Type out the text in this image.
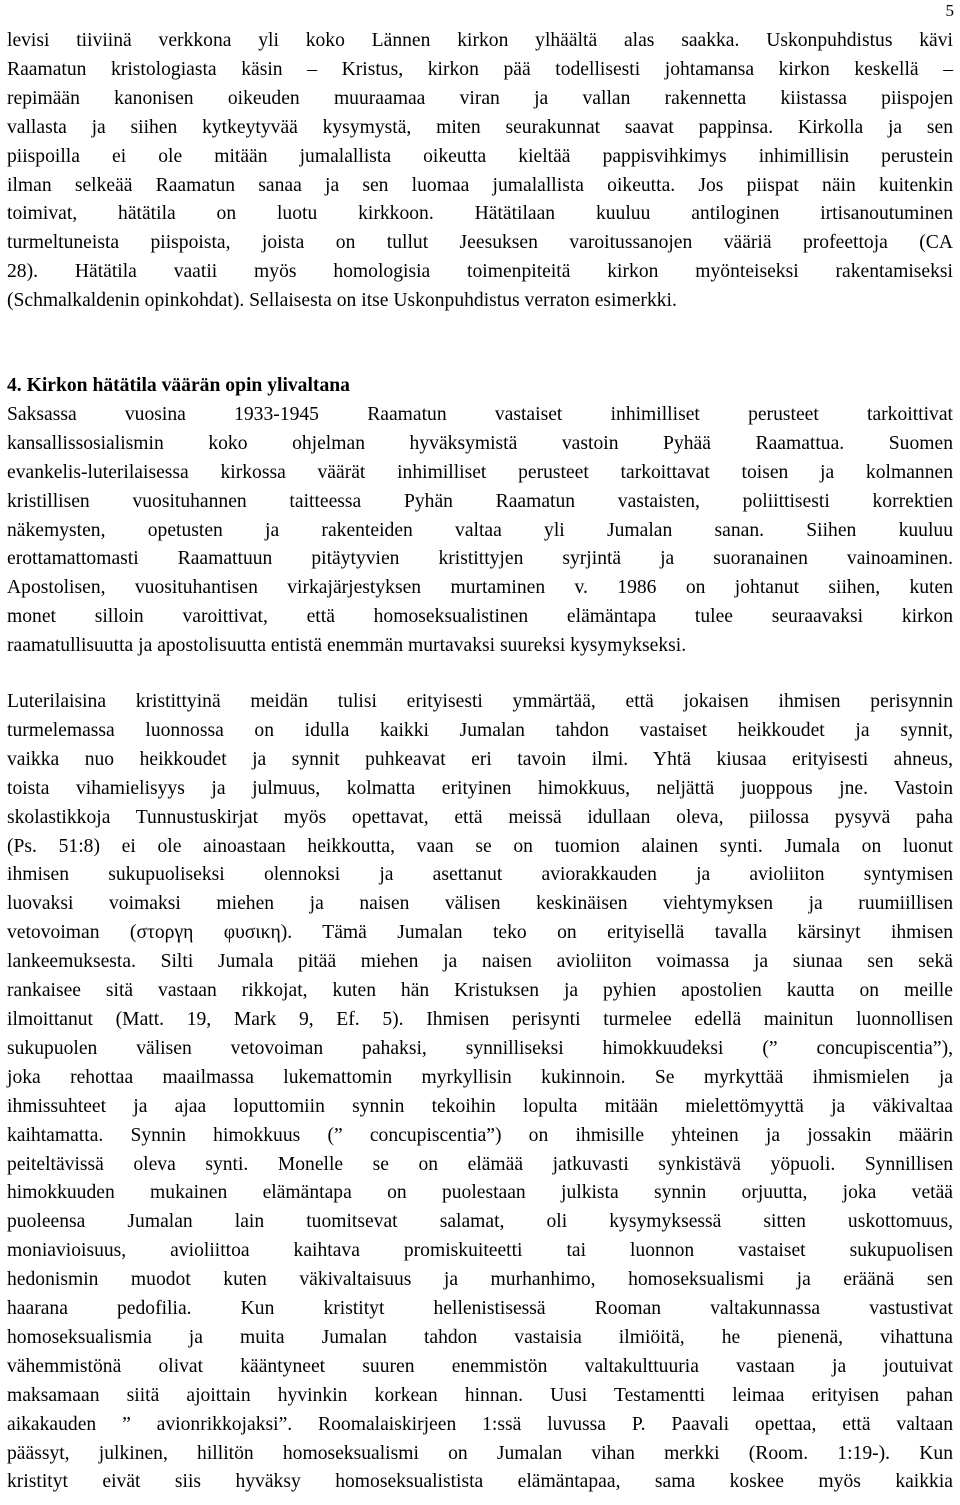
5
levisi tiiviinä verkkona yli koko Lännen kirkon ylhäältä alas saakka. Uskonpuhdistus kävi
Raamatun kristologiasta käsin – Kristus, kirkon pää todellisesti johtamansa kirkon keskellä –
repimään kanonisen oikeuden muuraamaa viran ja vallan rakennetta kiistassa piispojen
vallasta ja siihen kytkeytyvää kysymystä, miten seurakunnat saavat pappinsa. Kirkolla ja sen
piispoilla ei ole mitään jumalallista oikeutta kieltää pappisvihkimys inhimillisin perustein
ilman selkeää Raamatun sanaa ja sen luomaa jumalallista oikeutta. Jos piispat näin kuitenkin
toimivat, hätätila on luotu kirkkoon. Hätätilaan kuuluu antiloginen irtisanoutuminen
turmeltuneista piispoista, joista on tullut Jeesuksen varoitussanojen vääriä profeettoja (CA
28). Hätätila vaatii myös homologisia toimenpiteitä kirkon myönteiseksi rakentamiseksi
(Schmalkaldenin opinkohdat). Sellaisesta on itse Uskonpuhdistus verraton esimerkki.
4. Kirkon hätätila väärän opin ylivaltana
Saksassa vuosina 1933-1945 Raamatun vastaiset inhimilliset perusteet tarkoittivat
kansallissosialismin koko ohjelman hyväksymistä vastoin Pyhää Raamattua. Suomen
evankelis-luterilaisessa kirkossa väärät inhimilliset perusteet tarkoittavat toisen ja kolmannen
kristillisen vuosituhannen taitteessa Pyhän Raamatun vastaisten, poliittisesti korrektien
näkemysten, opetusten ja rakenteiden valtaa yli Jumalan sanan. Siihen kuuluu
erottamattomasti Raamattuun pitäytyvien kristittyjen syrjintä ja suoranainen vainoaminen.
Apostolisen, vuosituhantisen virkajärjestyksen murtaminen v. 1986 on johtanut siihen, kuten
monet silloin varoittivat, että homoseksualistinen elämäntapa tulee seuraavaksi kirkon
raamatullisuutta ja apostolisuutta entistä enemmän murtavaksi suureksi kysymykseksi.
Luterilaisina kristittyinä meidän tulisi erityisesti ymmärtää, että jokaisen ihmisen perisynnin
turmelemassa luonnossa on idulla kaikki Jumalan tahdon vastaiset heikkoudet ja synnit,
vaikka nuo heikkoudet ja synnit puhkeavat eri tavoin ilmi. Yhtä kiusaa erityisesti ahneus,
toista vihamielisyys ja julmuus, kolmatta erityinen himokkuus, neljättä juoppous jne. Vastoin
skolastikkoja Tunnustuskirjat myös opettavat, että meissä idullaan oleva, piilossa pysyvä paha
(Ps. 51:8) ei ole ainoastaan heikkoutta, vaan se on tuomion alainen synti. Jumala on luonut
ihmisen sukupuoliseksi olennoksi ja asettanut aviorakkauden ja avioliiton syntymisen
luovaksi voimaksi miehen ja naisen välisen keskinäisen viehtymyksen ja ruumiillisen
vetovoiman (στοργη φυσικη). Tämä Jumalan teko on erityisellä tavalla kärsinyt ihmisen
lankeemuksesta. Silti Jumala pitää miehen ja naisen avioliiton voimassa ja siunaa sen sekä
rankaisee sitä vastaan rikkojat, kuten hän Kristuksen ja pyhien apostolien kautta on meille
ilmoittanut (Matt. 19, Mark 9, Ef. 5). Ihmisen perisynti turmelee edellä mainitun luonnollisen
sukupuolen välisen vetovoiman pahaksi, synnilliseksi himokkuudeksi (” concupiscentia”),
joka rehottaa maailmassa lukemattomin myrkyllisin kukinnoin. Se myrkyttää ihmismielen ja
ihmissuhteet ja ajaa loputtomiin synnin tekoihin lopulta mitään mielettömyyttä ja väkivaltaa
kaihtamatta. Synnin himokkuus (” concupiscentia”) on ihmisille yhteinen ja jossakin määrin
peiteltävissä oleva synti. Monelle se on elämää jatkuvasti synkistävä yöpuoli. Synnillisen
himokkuuden mukainen elämäntapa on puolestaan julkista synnin orjuutta, joka vetää
puoleensa Jumalan lain tuomitsevat salamat, oli kysymyksessä sitten uskottomuus,
moniavioisuus, avioliittoa kaihtava promiskuiteetti tai luonnon vastaiset sukupuolisen
hedonismin muodot kuten väkivaltaisuus ja murhanhimo, homoseksualismi ja eräänä sen
haarana pedofilia. Kun kristityt hellenistisessä Rooman valtakunnassa vastustivat
homoseksualismia ja muita Jumalan tahdon vastaisia ilmiöitä, he pienenä, vihattuna
vähemmistönä olivat kääntyneet suuren enemmistön valtakulttuuria vastaan ja joutuivat
maksamaan siitä ajoittain hyvinkin korkean hinnan. Uusi Testamentti leimaa erityisen pahan
aikakauden ” avionrikkojaksi”. Roomalaiskirjeen 1:ssä luvussa P. Paavali opettaa, että valtaan
päässyt, julkinen, hillitön homoseksualismi on Jumalan vihan merkki (Room. 1:19-). Kun
kristityt eivät siis hyväksy homoseksualistista elämäntapaa, sama koskee myös kaikkia
